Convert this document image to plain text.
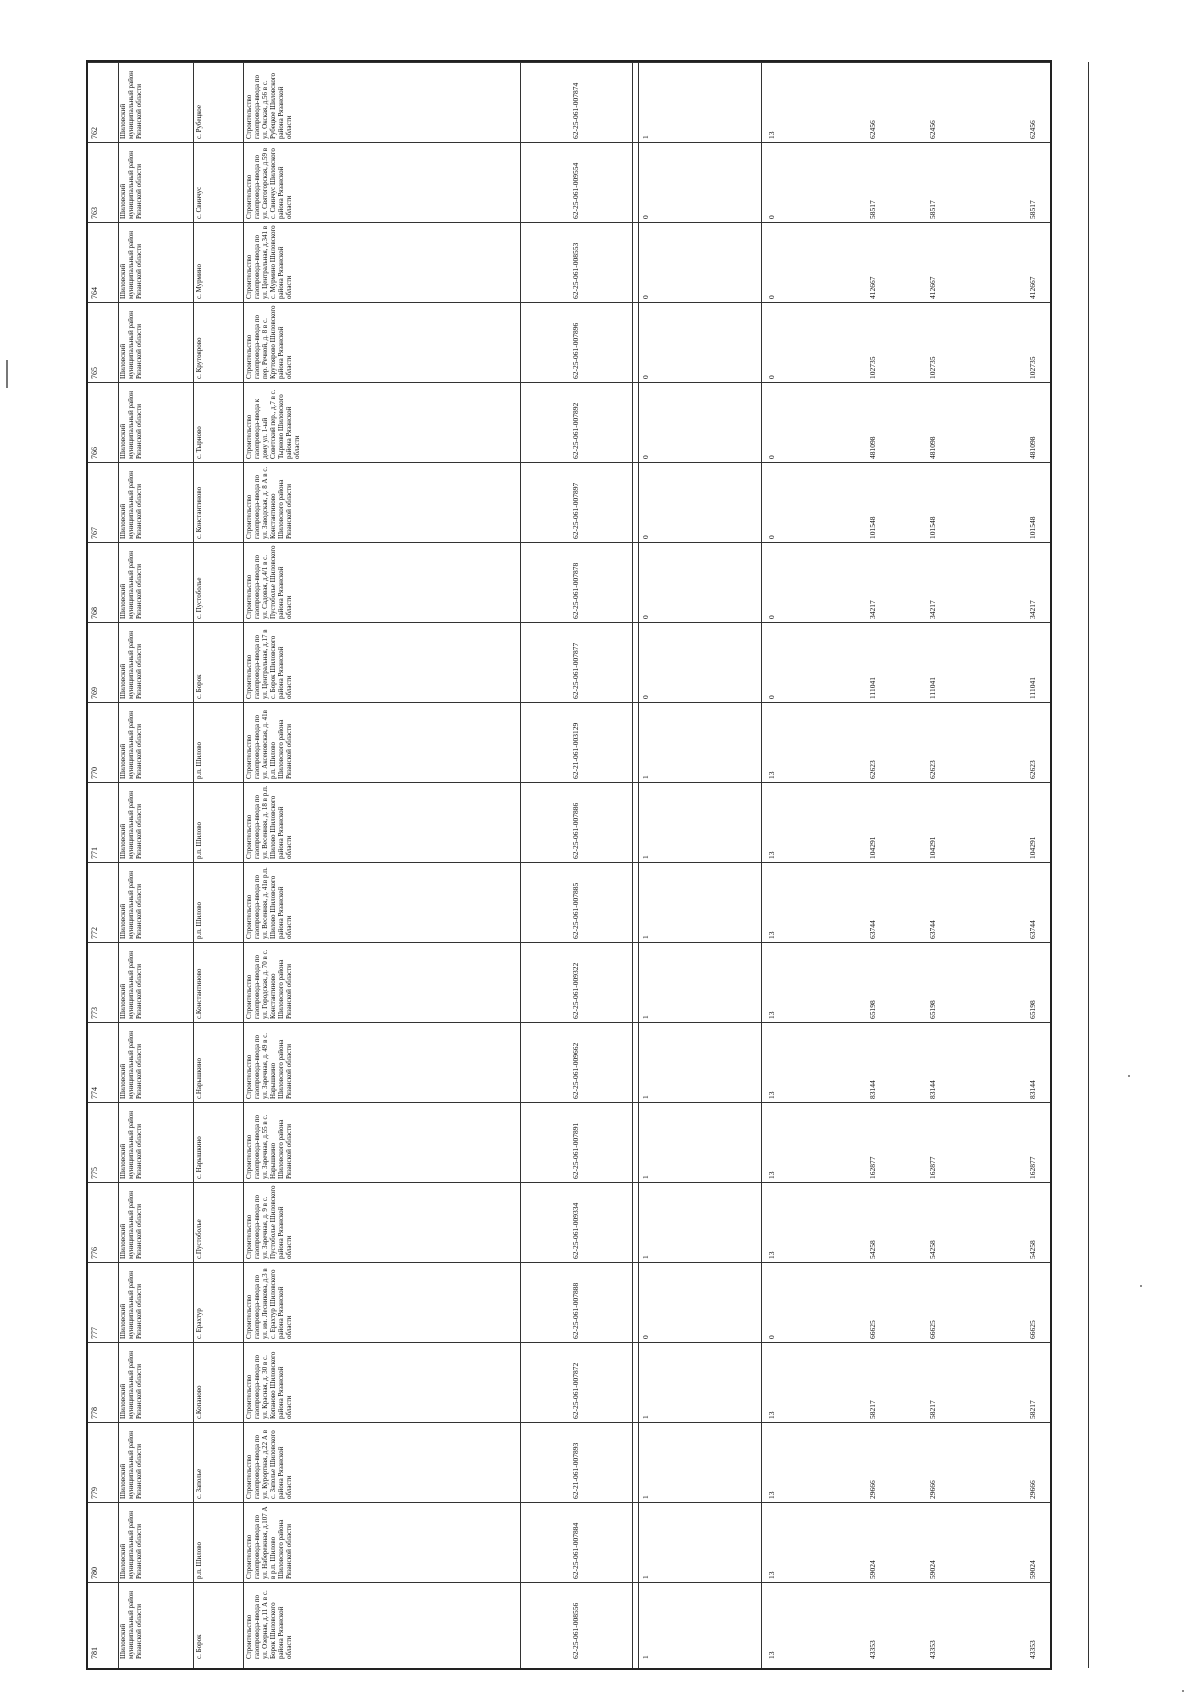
762	Шиловский муниципальный район Рязанской области	с. Рубецкое	Строительство газопровода-ввода по ул. Окская, д.56 в с. Рубецкое Шиловского района Рязанской области	62-25-061-007874	1	13	62456	62456	62456
763	Шиловский муниципальный район Рязанской области	с. Свинчус	Строительство газопровода-ввода по ул. Святогорская, д.59 в с. Свинчус Шиловского района Рязанской области	62-25-061-009554	0	0	58517	58517	58517
764	Шиловский муниципальный район Рязанской области	с. Мурмино	Строительство газопровода-ввода по ул. Центральная, д.341 в с. Мурмино Шиловского района Рязанской области	62-25-061-008553	0	0	412667	412667	412667
765	Шиловский муниципальный район Рязанской области	с. Крутоярово	Строительство газопровода-ввода по пер. Речной, д. 8 в с. Крутоярово Шиловского района Рязанской области	62-25-061-007896	0	0	102735	102735	102735
766	Шиловский муниципальный район Рязанской области	с. Тырново	Строительство газопровода-ввода к дому ул. 1-ый Советский пер., д.7 в с. Тырново Шиловского района Рязанской области	62-25-061-007892	0	0	481098	481098	481098
767	Шиловский муниципальный район Рязанской области	с. Константиново	Строительство газопровода-ввода по ул. Заводская, д. 8 А в с. Константиново Шиловского района Рязанской области	62-25-061-007897	0	0	101548	101548	101548
768	Шиловский муниципальный район Рязанской области	с. Пустоболье	Строительство газопровода-ввода по ул. Садовая, д.4/1 в с. Пустоболье Шиловского района Рязанской области	62-25-061-007878	0	0	34217	34217	34217
769	Шиловский муниципальный район Рязанской области	с. Борок	Строительство газопровода-ввода по ул. Центральная, д.17 в с. Борок Шиловского района Рязанской области	62-25-061-007877	0	0	111041	111041	111041
770	Шиловский муниципальный район Рязанской области	р.п. Шилово	Строительство газопровода-ввода по ул. Аксеновская, д. 41в р.п. Шилово Шиловского района Рязанской области	62-21-061-003129	1	13	62623	62623	62623
771	Шиловский муниципальный район Рязанской области	р.п. Шилово	Строительство газопровода-ввода по ул. Весенняя, д. 18 в р.п. Шилово Шиловского района Рязанской области	62-25-061-007886	1	13	104291	104291	104291
772	Шиловский муниципальный район Рязанской области	р.п. Шилово	Строительство газопровода-ввода по ул. Весенняя, д. 41в р.п. Шилово Шиловского района Рязанской области	62-25-061-007885	1	13	63744	63744	63744
773	Шиловский муниципальный район Рязанской области	с.Константиново	Строительство газопровода-ввода по ул. Городская, д. 70 в с. Константиново Шиловского района Рязанской области	62-25-061-009322	1	13	65198	65198	65198
774	Шиловский муниципальный район Рязанской области	с.Нарышкино	Строительство газопровода-ввода по ул. Заречная, д. 49 в с. Нарышкино Шиловского района Рязанской области	62-25-061-009662	1	13	83144	83144	83144
775	Шиловский муниципальный район Рязанской области	с. Нарышкино	Строительство газопровода-ввода по ул. Заречная, д.55 в с. Нарышкино Шиловского района Рязанской области	62-25-061-007891	1	13	162877	162877	162877
776	Шиловский муниципальный район Рязанской области	с.Пустоболье	Строительство газопровода-ввода по ул. Заречная, д. 9 в с. Пустоболье Шиловского района Рязанской области	62-25-061-009334	1	13	54258	54258	54258
777	Шиловский муниципальный район Рязанской области	с. Ерахтур	Строительство газопровода-ввода по ул. им. Лесникова, д.3 в с. Ерахтур Шиловского района Рязанской области	62-25-061-007888	0	0	66625	66625	66625
778	Шиловский муниципальный район Рязанской области	с.Копаново	Строительство газопровода-ввода по ул. Красная, д. 30 в с. Копаново Шиловского района Рязанской области	62-25-061-007872	1	13	58217	58217	58217
779	Шиловский муниципальный район Рязанской области	с. Заполье	Строительство газопровода-ввода по ул. Курортная, д.22 А в с. Заполье Шиловского района Рязанской области	62-21-061-007893	1	13	29666	29666	29666
780	Шиловский муниципальный район Рязанской области	р.п. Шилово	Строительство газопровода-ввода по ул. Набережная, д.107 А в р.п. Шилово Шиловского района Рязанской области	62-25-061-007884	1	13	59024	59024	59024
781	Шиловский муниципальный район Рязанской области	с. Борок	Строительство газопровода-ввода по ул. Озерная, д.11 А в с. Борок Шиловского района Рязанской области	62-25-061-008556	1	13	43353	43353	43353
